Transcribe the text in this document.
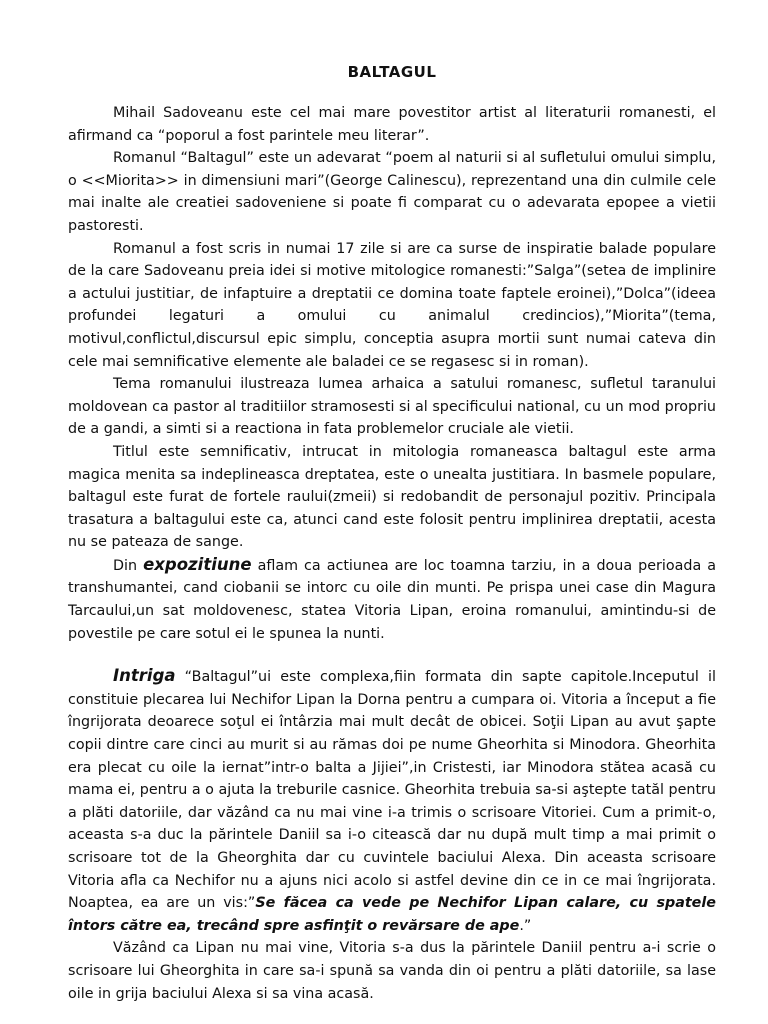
BALTAGUL

Mihail Sadoveanu este cel mai mare povestitor artist al literaturii romanesti, el afirmand ca “poporul a fost parintele meu literar”.

Romanul “Baltagul” este un adevarat “poem al naturii si al sufletului omului simplu, o <<Miorita>> in dimensiuni mari”(George Calinescu), reprezentand una din culmile cele mai inalte ale creatiei sadoveniene si poate fi comparat cu o adevarata epopee a vietii pastoresti.

Romanul a fost scris in numai 17 zile si are ca surse de inspiratie balade populare de la care Sadoveanu preia idei si motive mitologice romanesti:”Salga”(setea de implinire a actului justitiar, de infaptuire a dreptatii ce domina toate faptele eroinei),”Dolca”(ideea profundei legaturi a omului cu animalul credincios),”Miorita”(tema, motivul,conflictul,discursul epic simplu, conceptia asupra mortii sunt numai cateva din cele mai semnificative elemente ale baladei ce se regasesc si in roman).

Tema romanului ilustreaza lumea arhaica a satului romanesc, sufletul taranului moldovean ca pastor al traditiilor stramosesti si al specificului national, cu un mod propriu de a gandi, a simti si a reactiona in fata problemelor cruciale ale vietii.

Titlul este semnificativ, intrucat in mitologia romaneasca baltagul este arma magica menita sa indeplineasca dreptatea, este o unealta justitiara. In basmele populare, baltagul este furat de fortele raului(zmeii) si redobandit de personajul pozitiv. Principala trasatura a baltagului este ca, atunci cand este folosit pentru implinirea dreptatii, acesta nu se pateaza de sange.

Din expozitiune aflam ca actiunea are loc toamna tarziu, in a doua perioada a transhumantei, cand ciobanii se intorc cu oile din munti. Pe prispa unei case din Magura Tarcaului,un sat moldovenesc, statea Vitoria Lipan, eroina romanului, amintindu-si de povestile pe care sotul ei le spunea la nunti.

Intriga “Baltagul”ui este complexa,fiin formata din sapte capitole.Inceputul il constituie plecarea lui Nechifor Lipan la Dorna pentru a cumpara oi. Vitoria a început a fie îngrijorata deoarece soţul ei întârzia mai mult decât de obicei. Soţii Lipan au avut şapte copii dintre care cinci au murit si au rămas doi pe nume Gheorhita si Minodora. Gheorhita era plecat cu oile la iernat”intr-o balta a Jijiei”,in Cristesti, iar Minodora stătea acasă cu mama ei, pentru a o ajuta la treburile casnice. Gheorhita trebuia sa-si aştepte tatăl pentru a plăti datoriile, dar văzând ca nu mai vine i-a trimis o scrisoare Vitoriei. Cum a primit-o, aceasta s-a duc la părintele Daniil sa i-o citească dar nu după mult timp a mai primit o scrisoare tot de la Gheorghita dar cu cuvintele baciului Alexa. Din aceasta scrisoare Vitoria afla ca Nechifor nu a ajuns nici acolo si astfel devine din ce in ce mai îngrijorata. Noaptea, ea are un vis:”Se făcea ca vede pe Nechifor Lipan calare, cu spatele întors către ea, trecând spre asfinţit o revărsare de ape.”

Văzând ca Lipan nu mai vine, Vitoria s-a dus la părintele Daniil pentru a-i scrie o scrisoare lui Gheorghita in care sa-i spună sa vanda din oi pentru a plăti datoriile, sa lase oile in grija baciului Alexa si sa vina acasă.
